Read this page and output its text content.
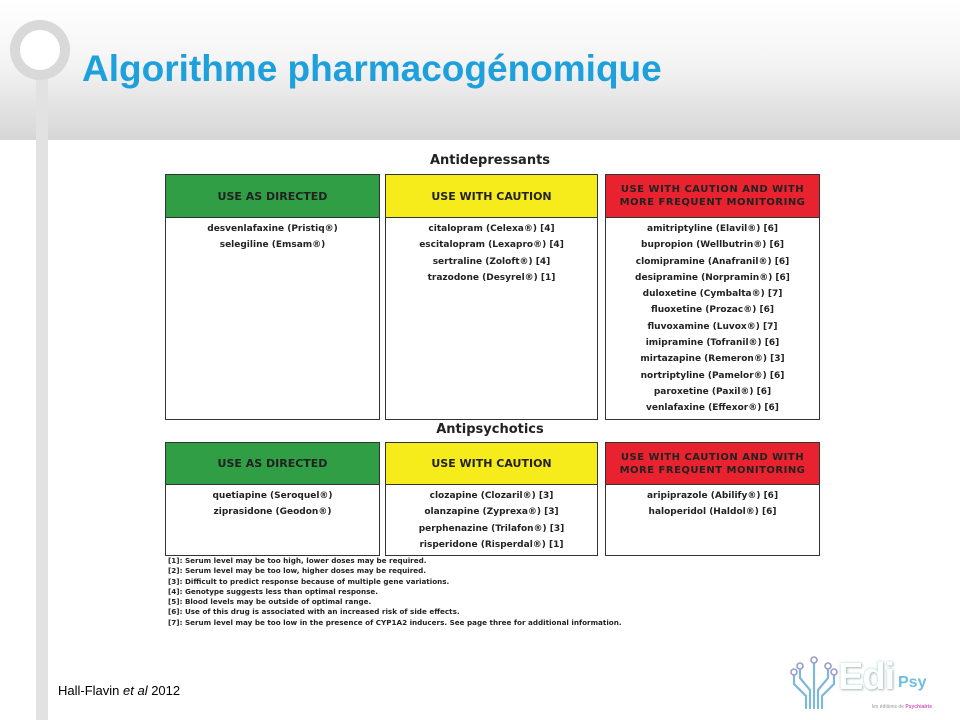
Algorithme pharmacogénomique
Antidepressants
USE AS DIRECTED
desvenlafaxine (Pristiq®)
selegiline (Emsam®)
USE WITH CAUTION
citalopram (Celexa®) [4]
escitalopram (Lexapro®) [4]
sertraline (Zoloft®) [4]
trazodone (Desyrel®) [1]
USE WITH CAUTION AND WITH MORE FREQUENT MONITORING
amitriptyline (Elavil®) [6]
bupropion (Wellbutrin®) [6]
clomipramine (Anafranil®) [6]
desipramine (Norpramin®) [6]
duloxetine (Cymbalta®) [7]
fluoxetine (Prozac®) [6]
fluvoxamine (Luvox®) [7]
imipramine (Tofranil®) [6]
mirtazapine (Remeron®) [3]
nortriptyline (Pamelor®) [6]
paroxetine (Paxil®) [6]
venlafaxine (Effexor®) [6]
Antipsychotics
USE AS DIRECTED
quetiapine (Seroquel®)
ziprasidone (Geodon®)
USE WITH CAUTION
clozapine (Clozaril®) [3]
olanzapine (Zyprexa®) [3]
perphenazine (Trilafon®) [3]
risperidone (Risperdal®) [1]
USE WITH CAUTION AND WITH MORE FREQUENT MONITORING
aripiprazole (Abilify®) [6]
haloperidol (Haldol®) [6]
[1]: Serum level may be too high, lower doses may be required.
[2]: Serum level may be too low, higher doses may be required.
[3]: Difficult to predict response because of multiple gene variations.
[4]: Genotype suggests less than optimal response.
[5]: Blood levels may be outside of optimal range.
[6]: Use of this drug is associated with an increased risk of side effects.
[7]: Serum level may be too low in the presence of CYP1A2 inducers. See page three for additional information.
Hall-Flavin et al 2012	Edi Psy
les éditions de Psychiatrie
